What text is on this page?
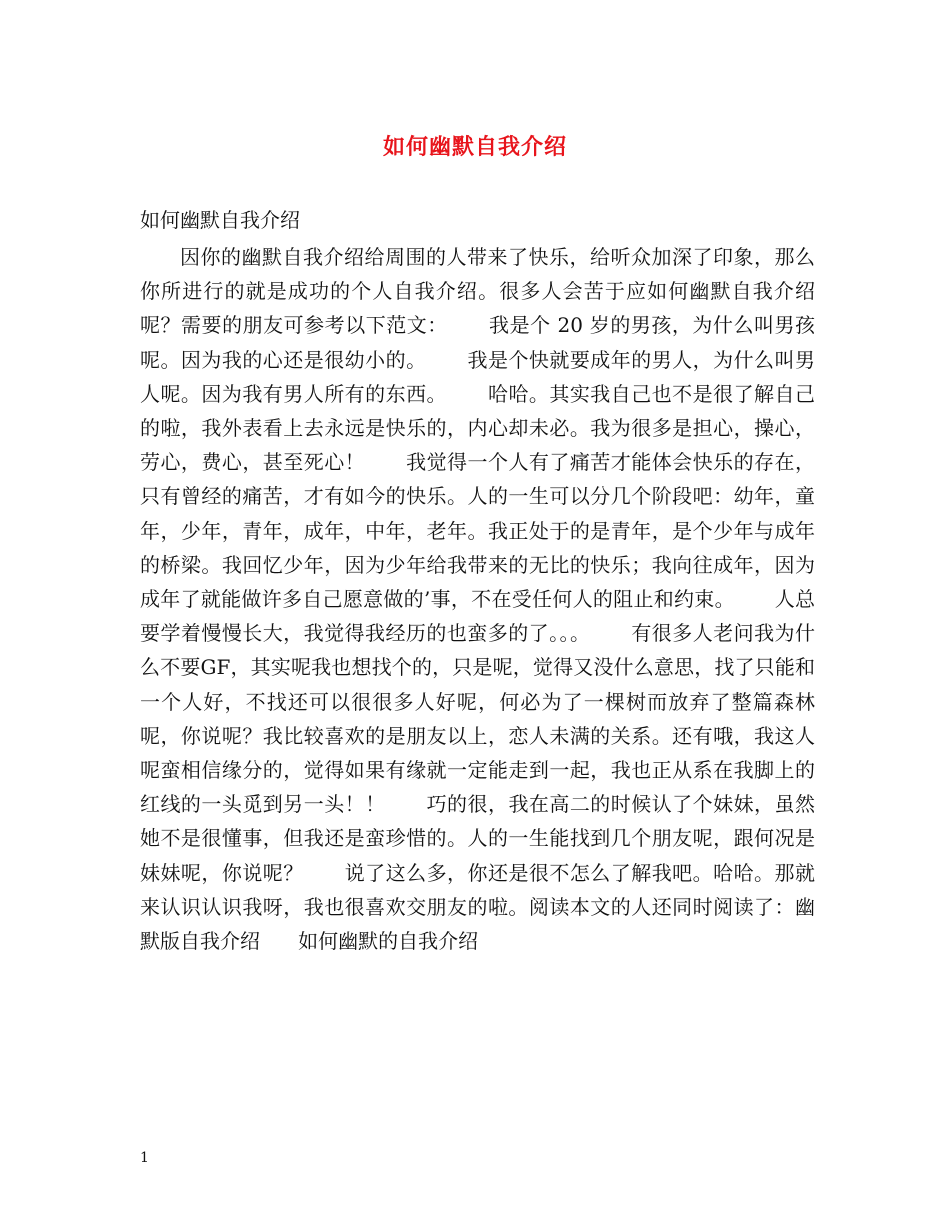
如何幽默自我介绍
如何幽默自我介绍

因你的幽默自我介绍给周围的人带来了快乐，给听众加深了印象，那么你所进行的就是成功的个人自我介绍。很多人会苦于应如何幽默自我介绍呢？需要的朋友可参考以下范文：      我是个 20 岁的男孩，为什么叫男孩呢。因为我的心还是很幼小的。      我是个快就要成年的男人，为什么叫男人呢。因为我有男人所有的东西。      哈哈。其实我自己也不是很了解自己的啦，我外表看上去永远是快乐的，内心却未必。我为很多是担心，操心，劳心，费心，甚至死心！      我觉得一个人有了痛苦才能体会快乐的存在，只有曾经的痛苦，才有如今的快乐。人的一生可以分几个阶段吧：幼年，童年，少年，青年，成年，中年，老年。我正处于的是青年，是个少年与成年的桥梁。我回忆少年，因为少年给我带来的无比的快乐；我向往成年，因为成年了就能做许多自己愿意做的’事，不在受任何人的阻止和约束。      人总要学着慢慢长大，我觉得我经历的也蛮多的了。。。      有很多人老问我为什么不要GF，其实呢我也想找个的，只是呢，觉得又没什么意思，找了只能和一个人好，不找还可以很很多人好呢，何必为了一棵树而放弃了整篇森林呢，你说呢？我比较喜欢的是朋友以上，恋人未满的关系。还有哦，我这人呢蛮相信缘分的，觉得如果有缘就一定能走到一起，我也正从系在我脚上的红线的一头觅到另一头！！      巧的很，我在高二的时候认了个妹妹，虽然她不是很懂事，但我还是蛮珍惜的。人的一生能找到几个朋友呢，跟何况是妹妹呢，你说呢？      说了这么多，你还是很不怎么了解我吧。哈哈。那就来认识认识我呀，我也很喜欢交朋友的啦。阅读本文的人还同时阅读了：幽默版自我介绍      如何幽默的自我介绍

1
